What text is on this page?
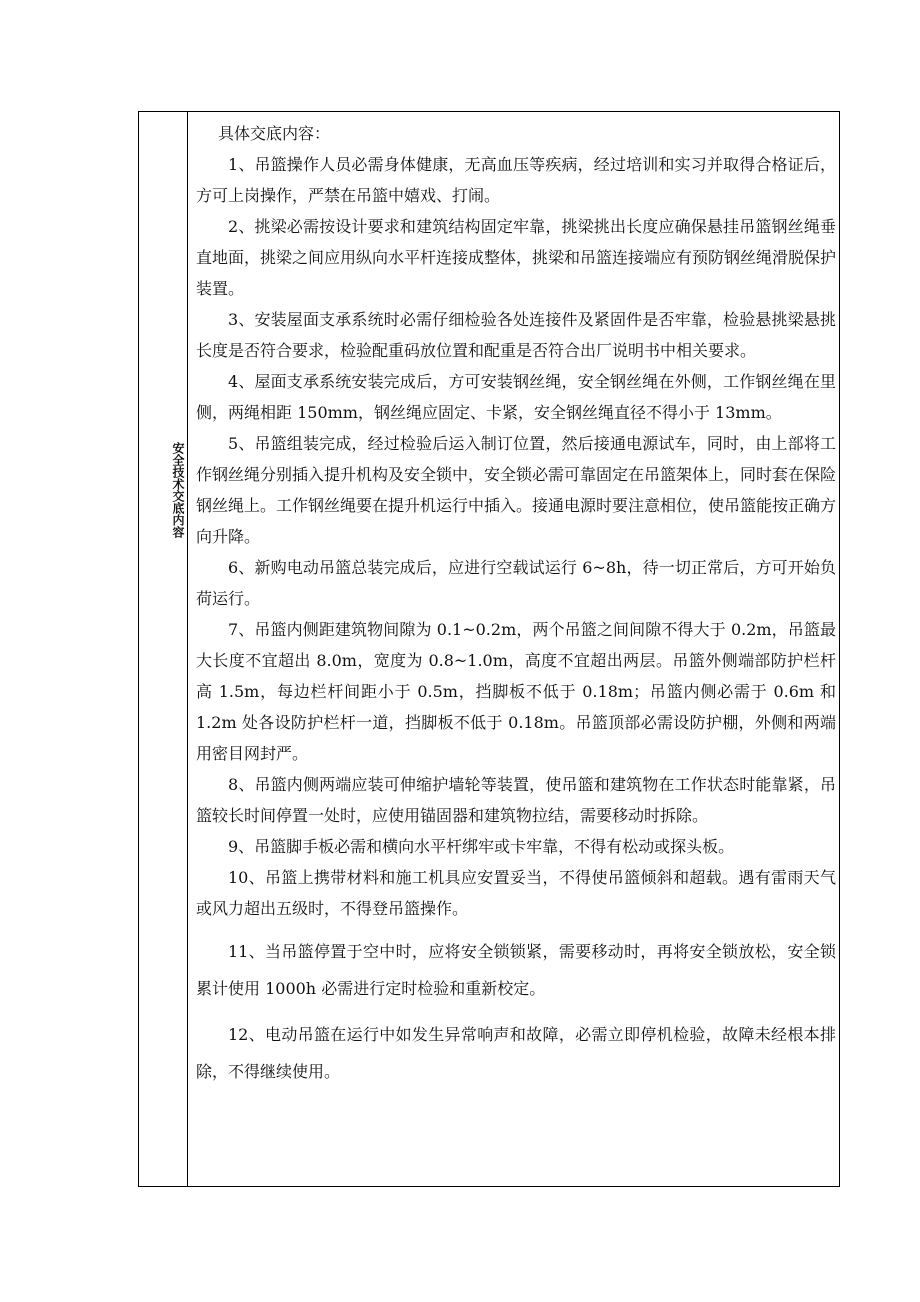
安全技术交底内容

具体交底内容：

1、吊篮操作人员必需身体健康，无高血压等疾病，经过培训和实习并取得合格证后，方可上岗操作，严禁在吊篮中嬉戏、打闹。

2、挑梁必需按设计要求和建筑结构固定牢靠，挑梁挑出长度应确保悬挂吊篮钢丝绳垂直地面，挑梁之间应用纵向水平杆连接成整体，挑梁和吊篮连接端应有预防钢丝绳滑脱保护装置。

3、安装屋面支承系统时必需仔细检验各处连接件及紧固件是否牢靠，检验悬挑梁悬挑长度是否符合要求，检验配重码放位置和配重是否符合出厂说明书中相关要求。

4、屋面支承系统安装完成后，方可安装钢丝绳，安全钢丝绳在外侧，工作钢丝绳在里侧，两绳相距 150mm，钢丝绳应固定、卡紧，安全钢丝绳直径不得小于 13mm。

5、吊篮组装完成，经过检验后运入制订位置，然后接通电源试车，同时，由上部将工作钢丝绳分别插入提升机构及安全锁中，安全锁必需可靠固定在吊篮架体上，同时套在保险钢丝绳上。工作钢丝绳要在提升机运行中插入。接通电源时要注意相位，使吊篮能按正确方向升降。

6、新购电动吊篮总装完成后，应进行空载试运行 6~8h，待一切正常后，方可开始负荷运行。

7、吊篮内侧距建筑物间隙为 0.1~0.2m，两个吊篮之间间隙不得大于 0.2m，吊篮最大长度不宜超出 8.0m，宽度为 0.8~1.0m，高度不宜超出两层。吊篮外侧端部防护栏杆高 1.5m，每边栏杆间距小于 0.5m，挡脚板不低于 0.18m；吊篮内侧必需于 0.6m 和 1.2m 处各设防护栏杆一道，挡脚板不低于 0.18m。吊篮顶部必需设防护棚，外侧和两端用密目网封严。

8、吊篮内侧两端应装可伸缩护墙轮等装置，使吊篮和建筑物在工作状态时能靠紧，吊篮较长时间停置一处时，应使用锚固器和建筑物拉结，需要移动时拆除。

9、吊篮脚手板必需和横向水平杆绑牢或卡牢靠，不得有松动或探头板。

10、吊篮上携带材料和施工机具应安置妥当，不得使吊篮倾斜和超载。遇有雷雨天气或风力超出五级时，不得登吊篮操作。

11、当吊篮停置于空中时，应将安全锁锁紧，需要移动时，再将安全锁放松，安全锁累计使用 1000h 必需进行定时检验和重新校定。

12、电动吊篮在运行中如发生异常响声和故障，必需立即停机检验，故障未经根本排除，不得继续使用。
